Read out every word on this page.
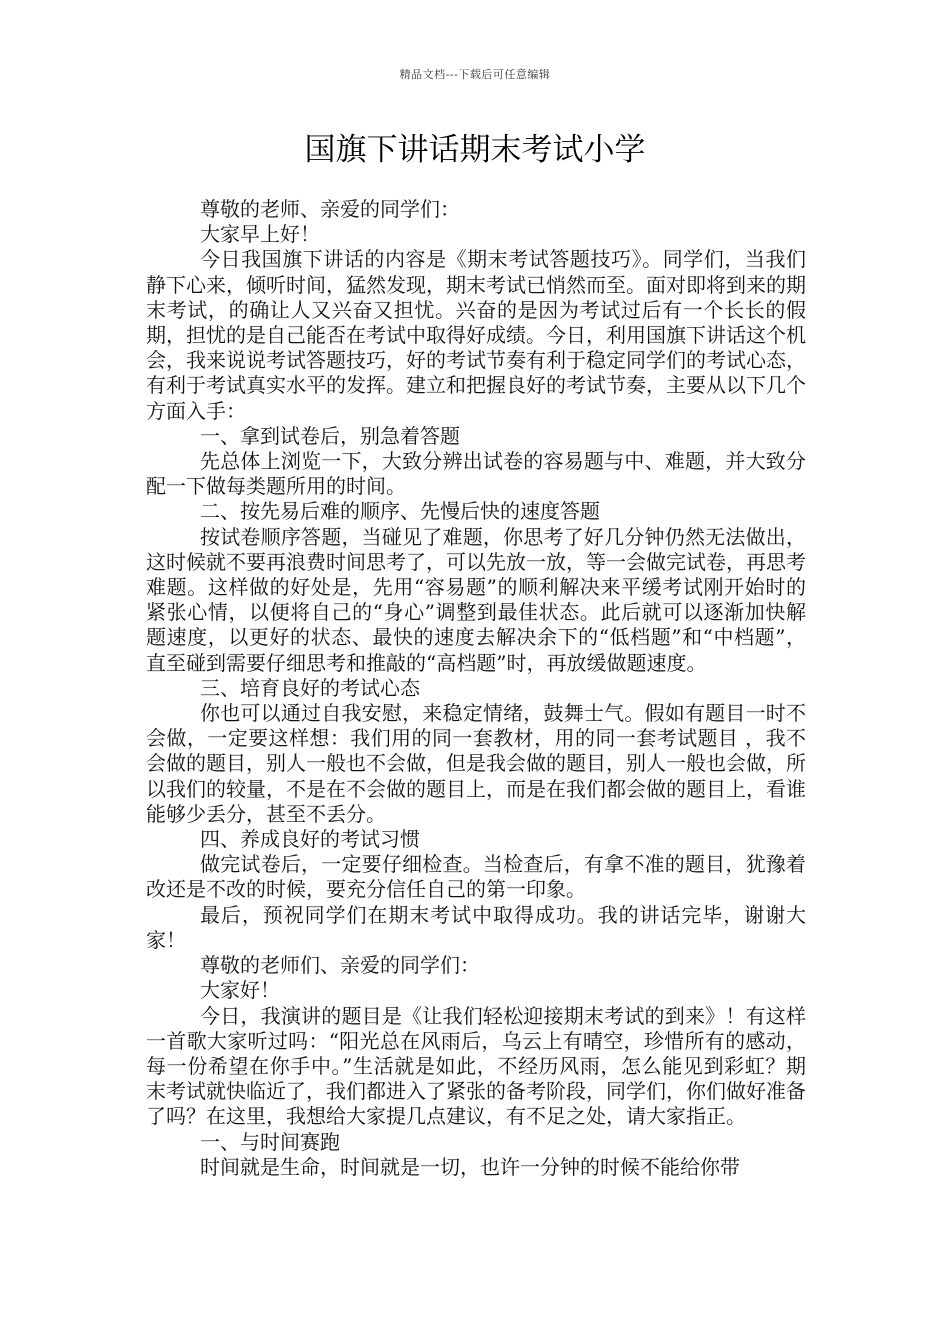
精品文档---下载后可任意编辑
国旗下讲话期末考试小学

尊敬的老师、亲爱的同学们：

大家早上好！

今日我国旗下讲话的内容是《期末考试答题技巧》。同学们，当我们静下心来，倾听时间，猛然发现，期末考试已悄然而至。面对即将到来的期末考试，的确让人又兴奋又担忧。兴奋的是因为考试过后有一个长长的假期，担忧的是自己能否在考试中取得好成绩。今日，利用国旗下讲话这个机会，我来说说考试答题技巧，好的考试节奏有利于稳定同学们的考试心态，有利于考试真实水平的发挥。建立和把握良好的考试节奏，主要从以下几个方面入手：

一、拿到试卷后，别急着答题

先总体上浏览一下，大致分辨出试卷的容易题与中、难题，并大致分配一下做每类题所用的时间。

二、按先易后难的顺序、先慢后快的速度答题

按试卷顺序答题，当碰见了难题，你思考了好几分钟仍然无法做出，这时候就不要再浪费时间思考了，可以先放一放，等一会做完试卷，再思考难题。这样做的好处是，先用“容易题”的顺利解决来平缓考试刚开始时的紧张心情，以便将自己的“身心”调整到最佳状态。此后就可以逐渐加快解题速度，以更好的状态、最快的速度去解决余下的“低档题”和“中档题”，直至碰到需要仔细思考和推敲的“高档题”时，再放缓做题速度。

三、培育良好的考试心态

你也可以通过自我安慰，来稳定情绪，鼓舞士气。假如有题目一时不会做，一定要这样想：我们用的同一套教材，用的同一套考试题目 ，我不会做的题目，别人一般也不会做，但是我会做的题目，别人一般也会做，所以我们的较量，不是在不会做的题目上，而是在我们都会做的题目上，看谁能够少丢分，甚至不丢分。

四、养成良好的考试习惯

做完试卷后，一定要仔细检查。当检查后，有拿不准的题目，犹豫着改还是不改的时候，要充分信任自己的第一印象。

最后，预祝同学们在期末考试中取得成功。我的讲话完毕，谢谢大家！

尊敬的老师们、亲爱的同学们：

大家好！

今日，我演讲的题目是《让我们轻松迎接期末考试的到来》！有这样一首歌大家听过吗：“阳光总在风雨后，乌云上有晴空，珍惜所有的感动，每一份希望在你手中。”生活就是如此，不经历风雨，怎么能见到彩虹？期末考试就快临近了，我们都进入了紧张的备考阶段，同学们，你们做好准备了吗？在这里，我想给大家提几点建议，有不足之处，请大家指正。

一、与时间赛跑

时间就是生命，时间就是一切，也许一分钟的时候不能给你带
